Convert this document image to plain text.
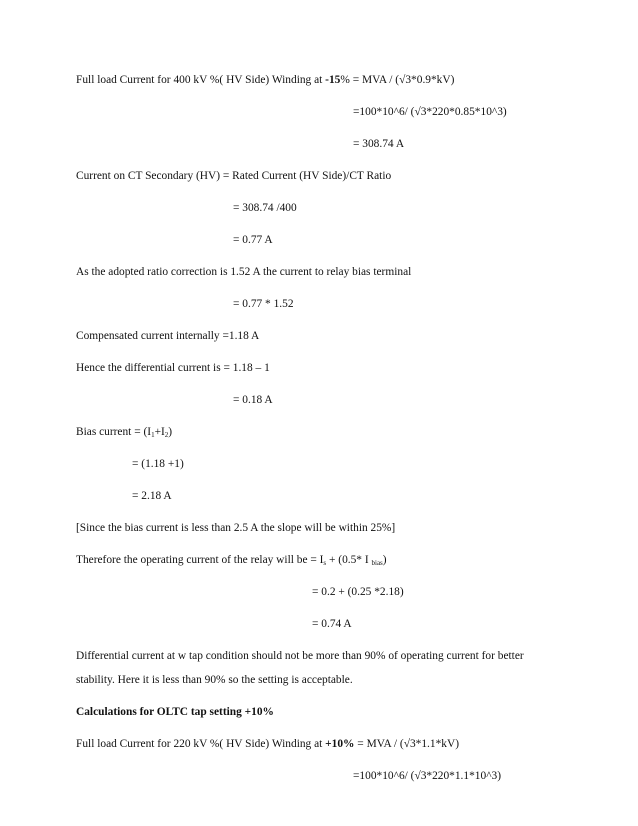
Full load Current for 400 kV %( HV Side) Winding at -15% = MVA / (√3*0.9*kV)
=100*10^6/ (√3*220*0.85*10^3)
= 308.74 A
Current on CT Secondary (HV) = Rated Current (HV Side)/CT Ratio
= 308.74 /400
= 0.77 A
As the adopted ratio correction is 1.52 A the current to relay bias terminal
= 0.77 * 1.52
Compensated current internally =1.18 A
Hence the differential current is = 1.18 – 1
= 0.18 A
Bias current = $(I_1+I_2)$
= (1.18 +1)
= 2.18 A
[Since the bias current is less than 2.5 A the slope will be within 25%]
Therefore the operating current of the relay will be = $I_s + (0.5*$ I $_{bias}$)
= 0.2 + (0.25 *2.18)
= 0.74 A
Differential current at w tap condition should not be more than 90% of operating current for better
stability. Here it is less than 90% so the setting is acceptable.
Calculations for OLTC tap setting +10%
Full load Current for 220 kV %( HV Side) Winding at +10% = MVA / (√3*1.1*kV)
=100*10^6/ (√3*220*1.1*10^3)
